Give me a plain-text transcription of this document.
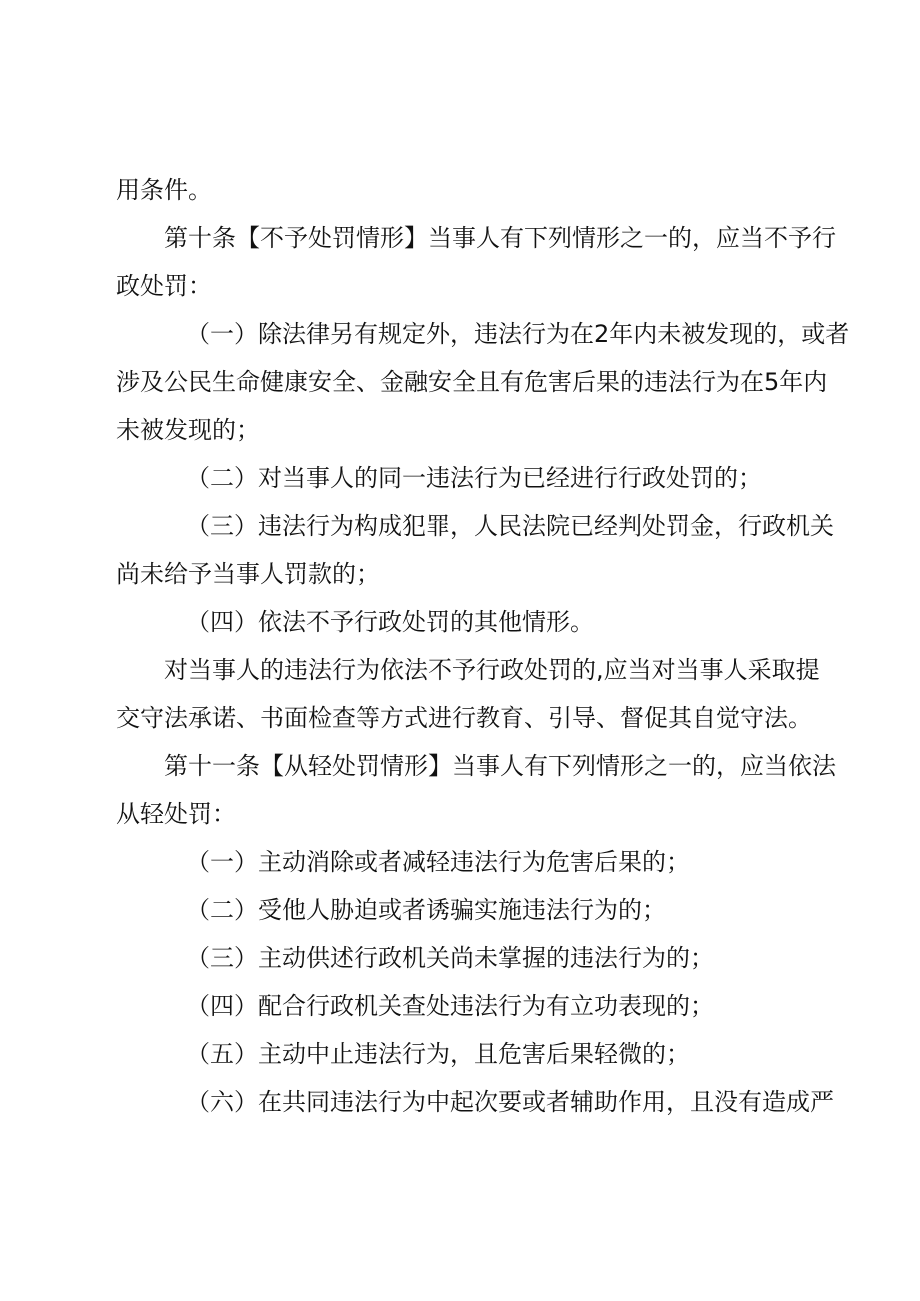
用条件。
第十条【不予处罚情形】当事人有下列情形之一的，应当不予行
政处罚：
（一）除法律另有规定外，违法行为在2年内未被发现的，或者
涉及公民生命健康安全、金融安全且有危害后果的违法行为在5年内
未被发现的；
（二）对当事人的同一违法行为已经进行行政处罚的；
（三）违法行为构成犯罪，人民法院已经判处罚金，行政机关
尚未给予当事人罚款的；
（四）依法不予行政处罚的其他情形。
对当事人的违法行为依法不予行政处罚的,应当对当事人采取提
交守法承诺、书面检查等方式进行教育、引导、督促其自觉守法。
第十一条【从轻处罚情形】当事人有下列情形之一的，应当依法
从轻处罚：
（一）主动消除或者减轻违法行为危害后果的；
（二）受他人胁迫或者诱骗实施违法行为的；
（三）主动供述行政机关尚未掌握的违法行为的；
（四）配合行政机关查处违法行为有立功表现的；
（五）主动中止违法行为，且危害后果轻微的；
（六）在共同违法行为中起次要或者辅助作用，且没有造成严
